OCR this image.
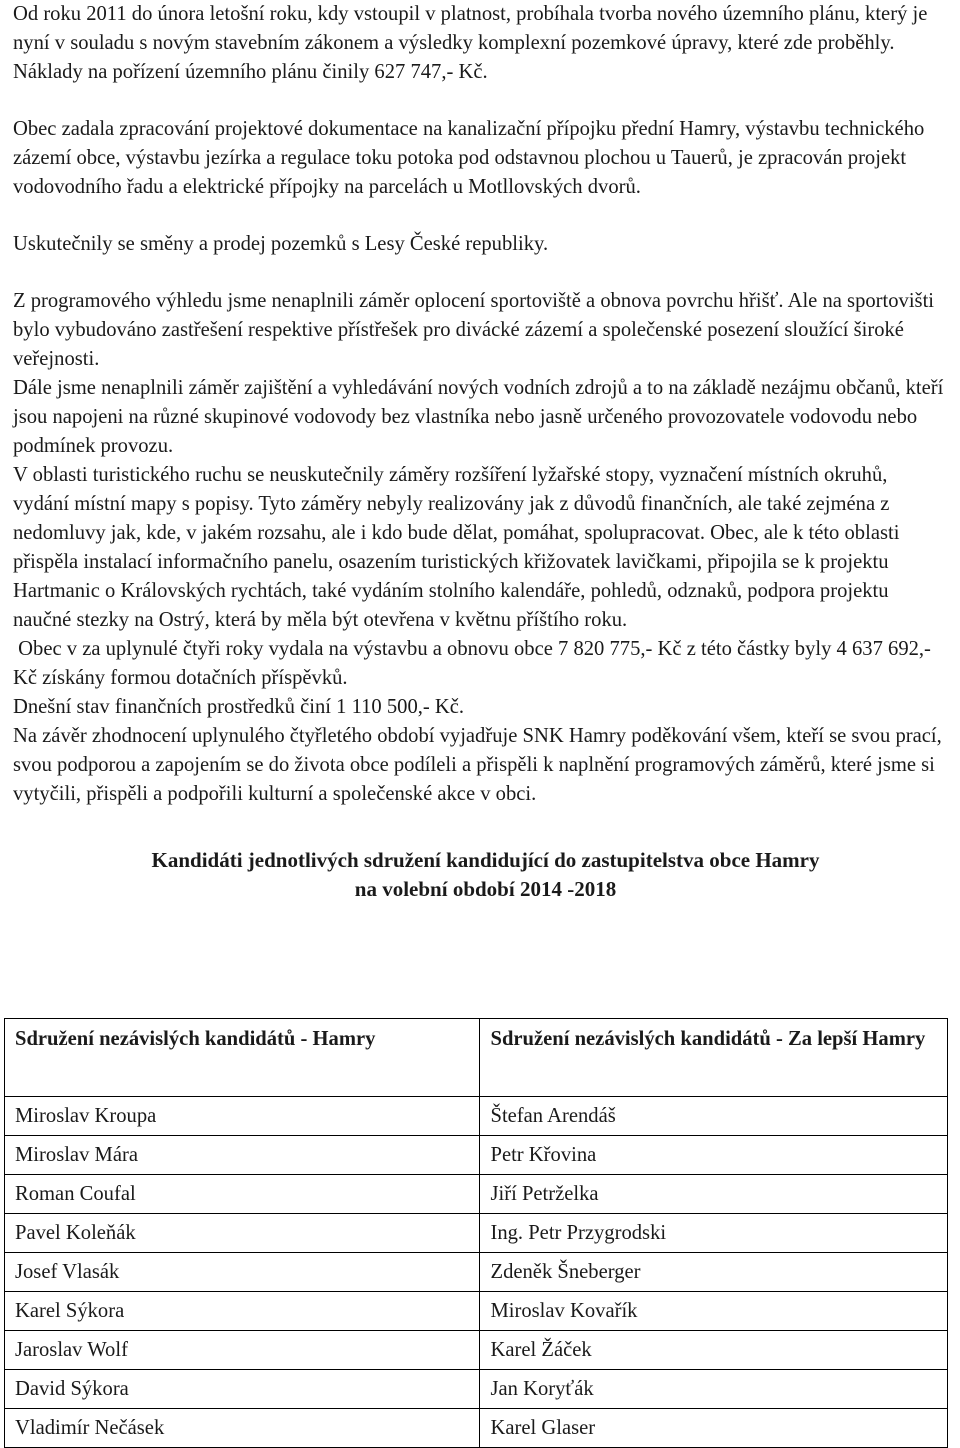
Od roku 2011 do února letošní roku, kdy vstoupil v platnost, probíhala tvorba nového územního plánu, který je nyní v souladu s novým stavebním zákonem a výsledky komplexní pozemkové úpravy, které zde proběhly. Náklady na pořízení územního plánu činily 627 747,- Kč.

Obec zadala zpracování projektové dokumentace na kanalizační přípojku přední Hamry, výstavbu technického zázemí obce, výstavbu jezírka a regulace toku potoka pod odstavnou plochou u Tauerů, je zpracován projekt vodovodního řadu a elektrické přípojky na parcelách u Motllovských dvorů.

Uskutečnily se směny a prodej pozemků s Lesy České republiky.

Z programového výhledu jsme nenaplnili záměr oplocení sportoviště a obnova povrchu hřišť. Ale na sportovišti bylo vybudováno zastřešení respektive přístřešek pro divácké zázemí a společenské posezení sloužící široké veřejnosti.

Dále jsme nenaplnili záměr zajištění a vyhledávání nových vodních zdrojů a to na základě nezájmu občanů, kteří jsou napojeni na různé skupinové vodovody bez vlastníka nebo jasně určeného provozovatele vodovodu nebo podmínek provozu.

V oblasti turistického ruchu se neuskutečnily záměry rozšíření lyžařské stopy, vyznačení místních okruhů, vydání místní mapy s popisy. Tyto záměry nebyly realizovány jak z důvodů finančních, ale také zejména z nedomluvy jak, kde, v jakém rozsahu, ale i kdo bude dělat, pomáhat, spolupracovat. Obec, ale k této oblasti přispěla instalací informačního panelu, osazením turistických křižovatek lavičkami, připojila se k projektu Hartmanic o Královských rychtách, také vydáním stolního kalendáře, pohledů, odznaků, podpora projektu naučné stezky na Ostrý, která by měla být otevřena v květnu příštího roku.

Obec v za uplynulé čtyři roky vydala na výstavbu a obnovu obce 7 820 775,- Kč z této částky byly 4 637 692,- Kč získány formou dotačních příspěvků.

Dnešní stav finančních prostředků činí 1 110 500,- Kč.

Na závěr zhodnocení uplynulého čtyřletého období vyjadřuje SNK Hamry poděkování všem, kteří se svou prací, svou podporou a zapojením se do života obce podíleli a přispěli k naplnění programových záměrů, které jsme si vytyčili, přispěli a podpořili kulturní a společenské akce v obci.

Kandidáti jednotlivých sdružení kandidující do zastupitelstva obce Hamry

na volební období 2014 -2018

Sdružení nezávislých kandidátů - Hamry	Sdružení nezávislých kandidátů - Za lepší Hamry
Miroslav Kroupa	Štefan Arendáš
Miroslav Mára	Petr Křovina
Roman Coufal	Jiří Petrželka
Pavel Koleňák	Ing. Petr Przygrodski
Josef Vlasák	Zdeněk Šneberger
Karel Sýkora	Miroslav Kovařík
Jaroslav Wolf	Karel Žáček
David Sýkora	Jan Koryťák
Vladimír Nečásek	Karel Glaser
